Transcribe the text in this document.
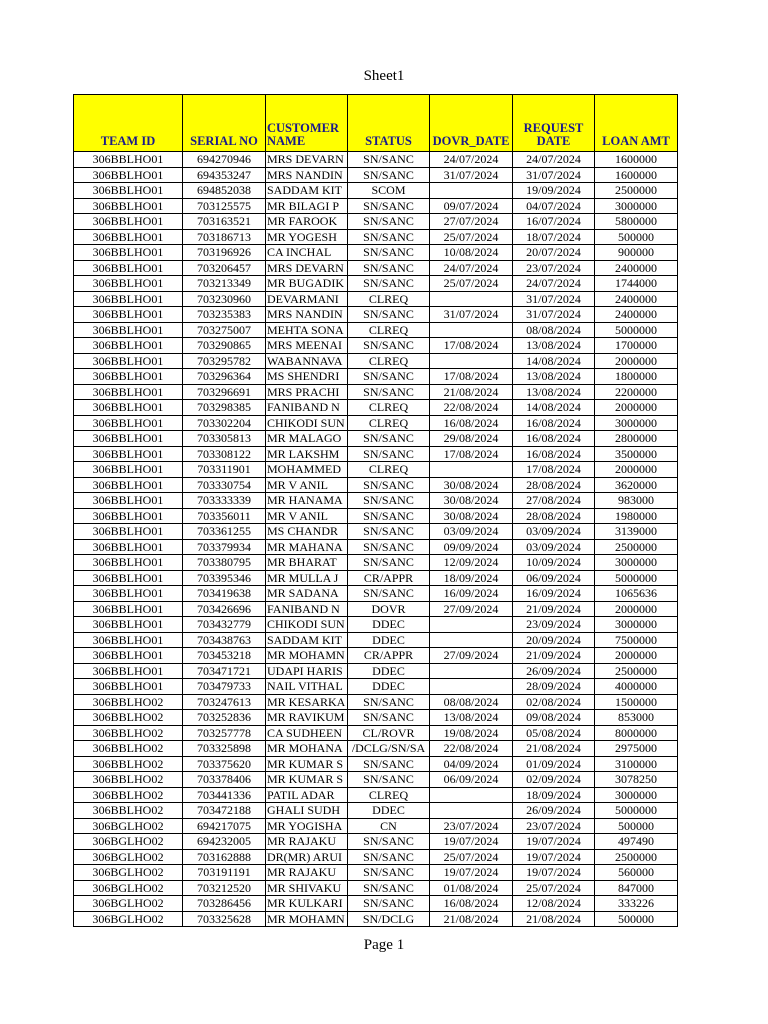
Sheet1
TEAM ID	SERIAL NO	CUSTOMER NAME	STATUS	DOVR_DATE	REQUEST DATE	LOAN AMT
306BBLHO01	694270946	MRS DEVARN	SN/SANC	24/07/2024	24/07/2024	1600000
306BBLHO01	694353247	MRS NANDIN	SN/SANC	31/07/2024	31/07/2024	1600000
306BBLHO01	694852038	SADDAM KIT	SCOM		19/09/2024	2500000
306BBLHO01	703125575	MR BILAGI P	SN/SANC	09/07/2024	04/07/2024	3000000
306BBLHO01	703163521	MR FAROOK	SN/SANC	27/07/2024	16/07/2024	5800000
306BBLHO01	703186713	MR YOGESH	SN/SANC	25/07/2024	18/07/2024	500000
306BBLHO01	703196926	CA INCHAL	SN/SANC	10/08/2024	20/07/2024	900000
306BBLHO01	703206457	MRS DEVARN	SN/SANC	24/07/2024	23/07/2024	2400000
306BBLHO01	703213349	MR BUGADIK	SN/SANC	25/07/2024	24/07/2024	1744000
306BBLHO01	703230960	DEVARMANI	CLREQ		31/07/2024	2400000
306BBLHO01	703235383	MRS NANDIN	SN/SANC	31/07/2024	31/07/2024	2400000
306BBLHO01	703275007	MEHTA SONA	CLREQ		08/08/2024	5000000
306BBLHO01	703290865	MRS MEENAI	SN/SANC	17/08/2024	13/08/2024	1700000
306BBLHO01	703295782	WABANNAVA	CLREQ		14/08/2024	2000000
306BBLHO01	703296364	MS SHENDRI	SN/SANC	17/08/2024	13/08/2024	1800000
306BBLHO01	703296691	MRS PRACHI	SN/SANC	21/08/2024	13/08/2024	2200000
306BBLHO01	703298385	FANIBAND N	CLREQ	22/08/2024	14/08/2024	2000000
306BBLHO01	703302204	CHIKODI SUN	CLREQ	16/08/2024	16/08/2024	3000000
306BBLHO01	703305813	MR MALAGO	SN/SANC	29/08/2024	16/08/2024	2800000
306BBLHO01	703308122	MR LAKSHM	SN/SANC	17/08/2024	16/08/2024	3500000
306BBLHO01	703311901	MOHAMMED	CLREQ		17/08/2024	2000000
306BBLHO01	703330754	MR V ANIL	SN/SANC	30/08/2024	28/08/2024	3620000
306BBLHO01	703333339	MR HANAMA	SN/SANC	30/08/2024	27/08/2024	983000
306BBLHO01	703356011	MR V ANIL	SN/SANC	30/08/2024	28/08/2024	1980000
306BBLHO01	703361255	MS CHANDR	SN/SANC	03/09/2024	03/09/2024	3139000
306BBLHO01	703379934	MR MAHANA	SN/SANC	09/09/2024	03/09/2024	2500000
306BBLHO01	703380795	MR BHARAT	SN/SANC	12/09/2024	10/09/2024	3000000
306BBLHO01	703395346	MR MULLA J	CR/APPR	18/09/2024	06/09/2024	5000000
306BBLHO01	703419638	MR SADANA	SN/SANC	16/09/2024	16/09/2024	1065636
306BBLHO01	703426696	FANIBAND N	DOVR	27/09/2024	21/09/2024	2000000
306BBLHO01	703432779	CHIKODI SUN	DDEC		23/09/2024	3000000
306BBLHO01	703438763	SADDAM KIT	DDEC		20/09/2024	7500000
306BBLHO01	703453218	MR MOHAMN	CR/APPR	27/09/2024	21/09/2024	2000000
306BBLHO01	703471721	UDAPI HARIS	DDEC		26/09/2024	2500000
306BBLHO01	703479733	NAIL VITHAL	DDEC		28/09/2024	4000000
306BBLHO02	703247613	MR KESARKA	SN/SANC	08/08/2024	02/08/2024	1500000
306BBLHO02	703252836	MR RAVIKUM	SN/SANC	13/08/2024	09/08/2024	853000
306BBLHO02	703257778	CA SUDHEEN	CL/ROVR	19/08/2024	05/08/2024	8000000
306BBLHO02	703325898	MR MOHANA	/DCLG/SN/SA	22/08/2024	21/08/2024	2975000
306BBLHO02	703375620	MR KUMAR S	SN/SANC	04/09/2024	01/09/2024	3100000
306BBLHO02	703378406	MR KUMAR S	SN/SANC	06/09/2024	02/09/2024	3078250
306BBLHO02	703441336	PATIL ADAR	CLREQ		18/09/2024	3000000
306BBLHO02	703472188	GHALI SUDH	DDEC		26/09/2024	5000000
306BGLHO02	694217075	MR YOGISHA	CN	23/07/2024	23/07/2024	500000
306BGLHO02	694232005	MR RAJAKU	SN/SANC	19/07/2024	19/07/2024	497490
306BGLHO02	703162888	DR(MR) ARUI	SN/SANC	25/07/2024	19/07/2024	2500000
306BGLHO02	703191191	MR RAJAKU	SN/SANC	19/07/2024	19/07/2024	560000
306BGLHO02	703212520	MR SHIVAKU	SN/SANC	01/08/2024	25/07/2024	847000
306BGLHO02	703286456	MR KULKARI	SN/SANC	16/08/2024	12/08/2024	333226
306BGLHO02	703325628	MR MOHAMN	SN/DCLG	21/08/2024	21/08/2024	500000
Page 1
